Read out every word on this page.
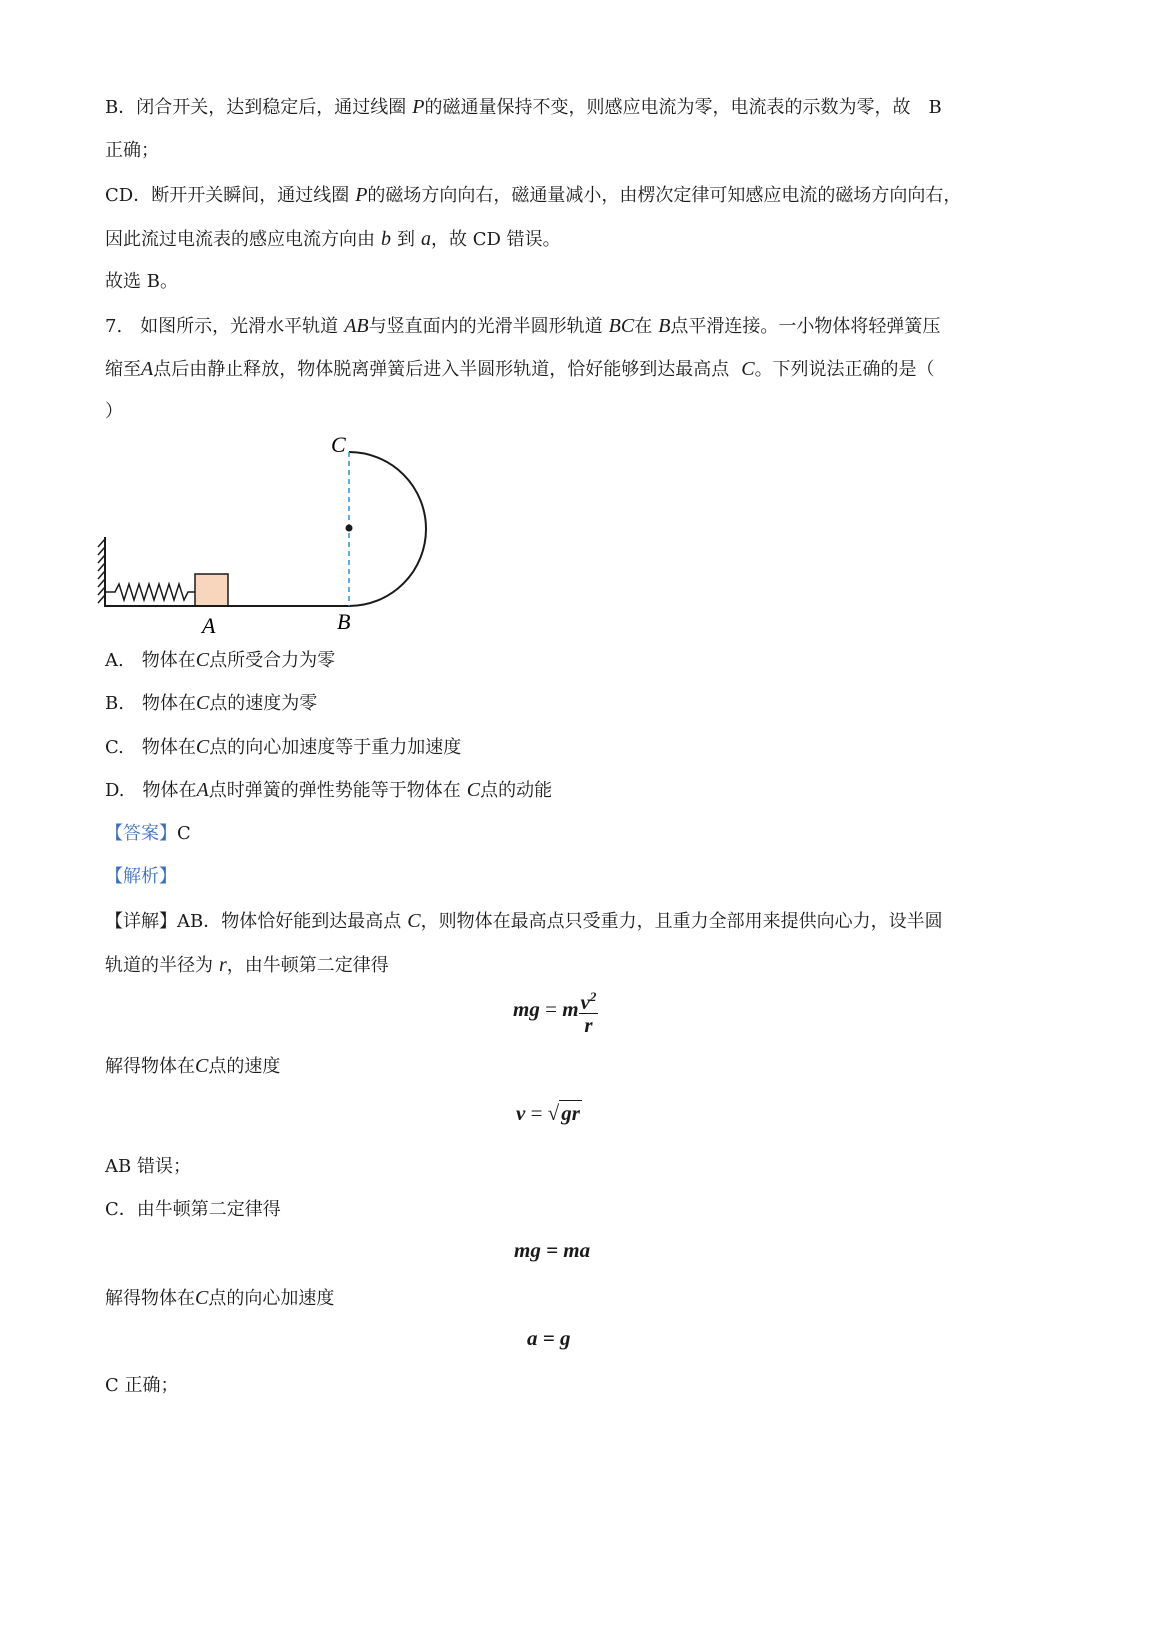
B．闭合开关，达到稳定后，通过线圈 P的磁通量保持不变，则感应电流为零，电流表的示数为零，故　B
正确；
CD．断开开关瞬间，通过线圈 P的磁场方向向右，磁通量减小，由楞次定律可知感应电流的磁场方向向右，
因此流过电流表的感应电流方向由 b 到 a，故 CD 错误。
故选 B。
7.　如图所示，光滑水平轨道 AB与竖直面内的光滑半圆形轨道 BC在 B点平滑连接。一小物体将轻弹簧压
缩至A点后由静止释放，物体脱离弹簧后进入半圆形轨道，恰好能够到达最高点 C。下列说法正确的是（
）
C
A	B
A.　物体在C点所受合力为零
B.　物体在C点的速度为零
C.　物体在C点的向心加速度等于重力加速度
D.　物体在A点时弹簧的弹性势能等于物体在 C点的动能
【答案】C
【解析】
【详解】AB．物体恰好能到达最高点 C，则物体在最高点只受重力，且重力全部用来提供向心力，设半圆
轨道的半径为 r，由牛顿第二定律得
mg = m $\frac{v^2}{r}$
解得物体在C点的速度
v = √gr
AB 错误；
C．由牛顿第二定律得
mg = ma
解得物体在C点的向心加速度
a = g
C 正确；
